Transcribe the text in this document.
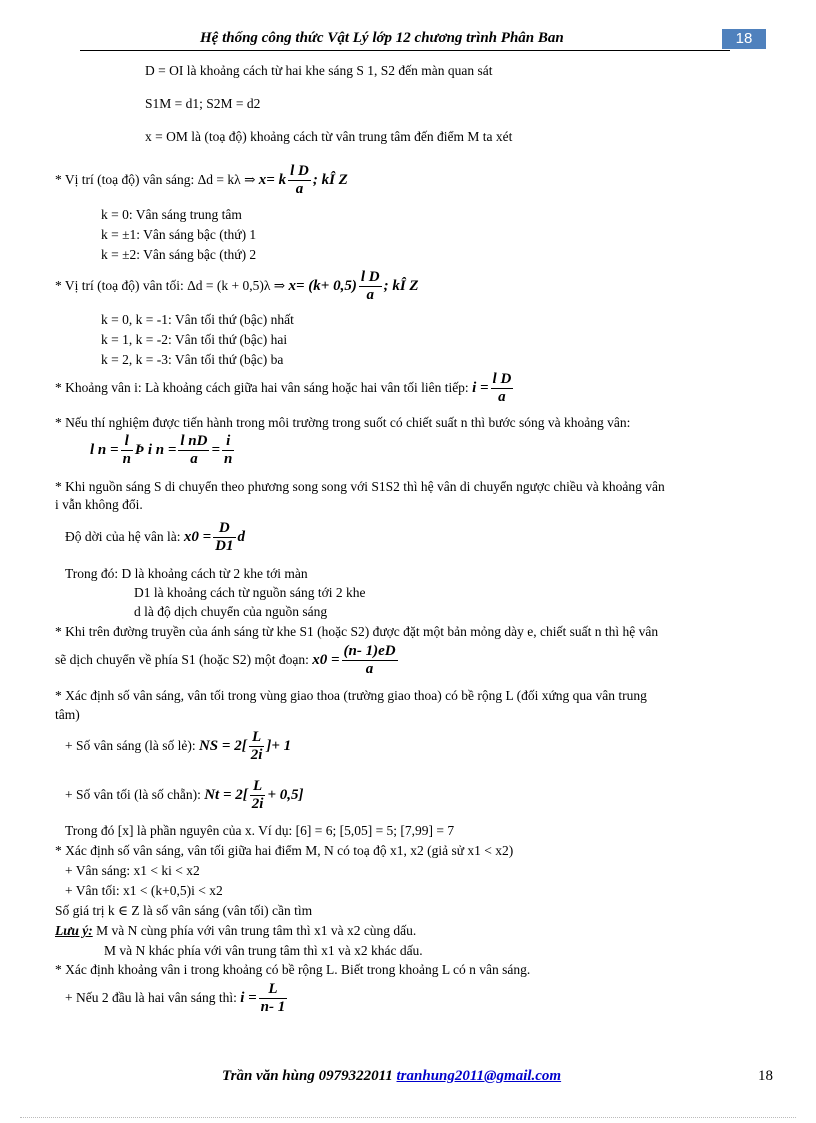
Hệ thống công thức Vật Lý lớp 12 chương trình Phân Ban	18
D = OI là khoảng cách từ hai khe sáng S 1, S2 đến màn quan sát
S1M = d1; S2M = d2
x = OM là (toạ độ) khoảng cách từ vân trung tâm đến điểm M ta xét
* Vị trí (toạ độ) vân sáng: Δd = kλ ⇒ x= k $\frac{\text{l D}}{a}$ ; kÎ Z
k = 0: Vân sáng trung tâm
k = ±1: Vân sáng bậc (thứ) 1
k = ±2: Vân sáng bậc (thứ) 2
* Vị trí (toạ độ) vân tối: Δd = (k + 0,5)λ ⇒ $x= (k+ 0,5) \frac{\text{l D}}{a}$ ; kÎ Z
k = 0, k = -1: Vân tối thứ (bậc) nhất
k = 1, k = -2: Vân tối thứ (bậc) hai
k = 2, k = -3: Vân tối thứ (bậc) ba
* Khoảng vân i: Là khoảng cách giữa hai vân sáng hoặc hai vân tối liên tiếp: $i = \frac{\text{l D}}{a}$
* Nếu thí nghiệm được tiến hành trong môi trường trong suốt có chiết suất n thì bước sóng và khoảng vân:
l $n = \frac{l}{n}$ Þ i $n = \frac{\text{l nD}}{a} = \frac{i}{n}$
* Khi nguồn sáng S di chuyển theo phương song song với S1S2 thì hệ vân di chuyển ngược chiều và khoảng vân
i vẫn không đổi.
Độ dời của hệ vân là: $x0 = \frac{D}{D1}$ d
Trong đó: D là khoảng cách từ 2 khe tới màn
D1 là khoảng cách từ nguồn sáng tới 2 khe
d là độ dịch chuyển của nguồn sáng
* Khi trên đường truyền của ánh sáng từ khe S1 (hoặc S2) được đặt một bản mỏng dày e, chiết suất n thì hệ vân
sẽ dịch chuyển về phía S1 (hoặc S2) một đoạn: $x0 = \frac{(n- 1)eD}{a}$
* Xác định số vân sáng, vân tối trong vùng giao thoa (trường giao thoa) có bề rộng L (đối xứng qua vân trung
tâm)
+ Số vân sáng (là số lẻ): NS = $2[ \frac{L}{2i}$ ]+ 1
+ Số vân tối (là số chẵn): $Nt = 2[ \frac{L}{2i} + 0,5]$
Trong đó [x] là phần nguyên của x. Ví dụ: [6] = 6; [5,05] = 5; [7,99] = 7
* Xác định số vân sáng, vân tối giữa hai điểm M, N có toạ độ x1, x2 (giả sử x1 < x2)
+ Vân sáng: x1 < ki < x2
+ Vân tối: x1 < (k+0,5)i < x2
Số giá trị k ∈ Z là số vân sáng (vân tối) cần tìm
Lưu ý: M và N cùng phía với vân trung tâm thì x1 và x2 cùng dấu.
M và N khác phía với vân trung tâm thì x1 và x2 khác dấu.
* Xác định khoảng vân i trong khoảng có bề rộng L. Biết trong khoảng L có n vân sáng.
+ Nếu 2 đầu là hai vân sáng thì: $i = \frac{L}{n- 1}$
Trần văn hùng 0979322011 tranhung2011@gmail.com	18
